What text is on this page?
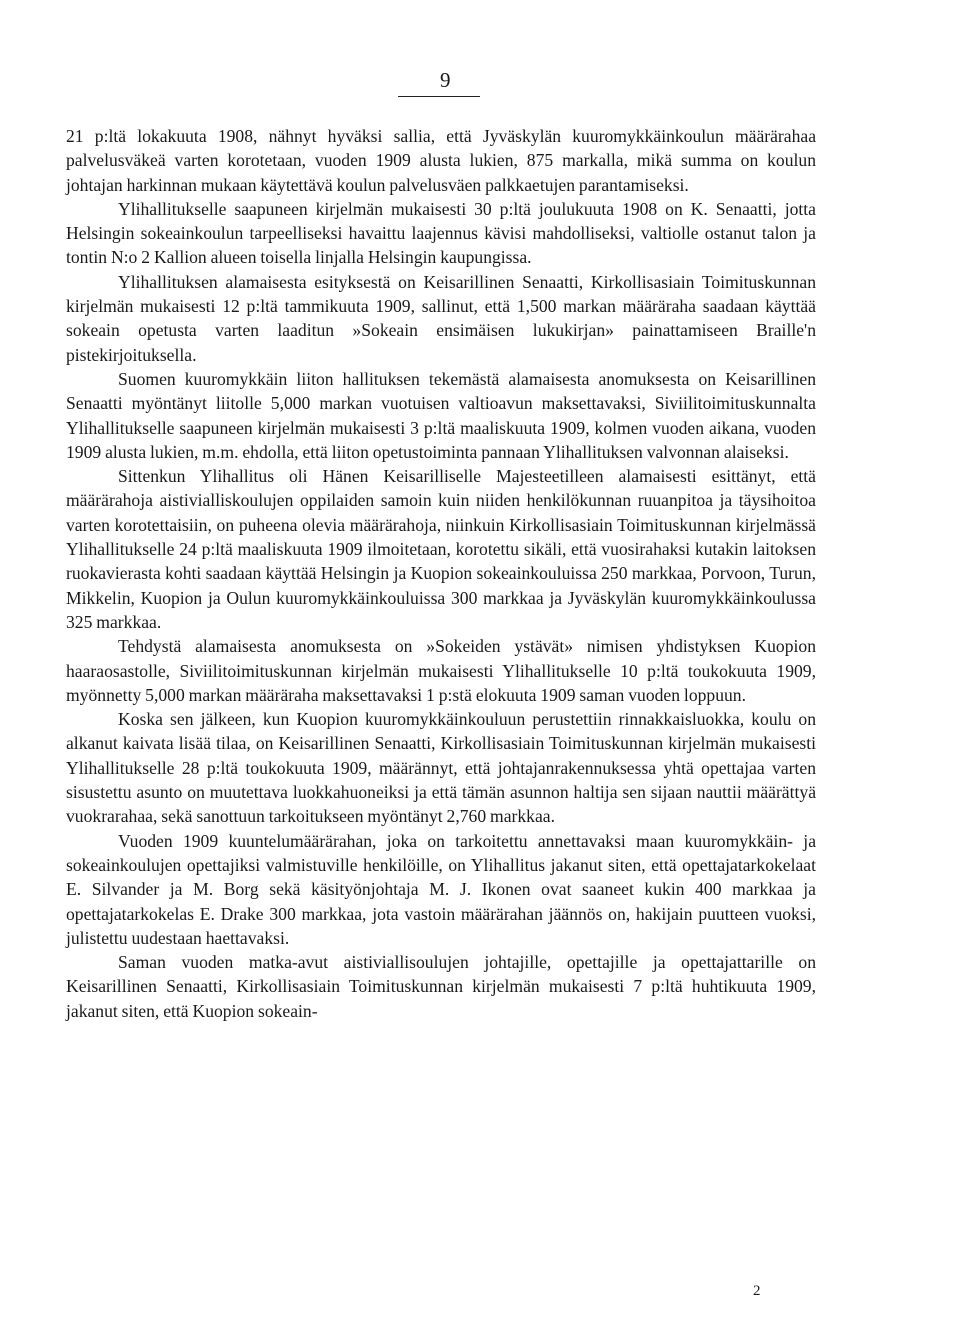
9

21 p:ltä lokakuuta 1908, nähnyt hyväksi sallia, että Jyväskylän kuuromykkäinkoulun määrärahaa palvelusväkeä varten korotetaan, vuoden 1909 alusta lukien, 875 markalla, mikä summa on koulun johtajan harkinnan mukaan käytettävä koulun palvelusväen palkkaetujen parantamiseksi.

Ylihallitukselle saapuneen kirjelmän mukaisesti 30 p:ltä joulukuuta 1908 on K. Senaatti, jotta Helsingin sokeainkoulun tarpeelliseksi havaittu laajennus kävisi mahdolliseksi, valtiolle ostanut talon ja tontin N:o 2 Kallion alueen toisella linjalla Helsingin kaupungissa.

Ylihallituksen alamaisesta esityksestä on Keisarillinen Senaatti, Kirkollisasiain Toimituskunnan kirjelmän mukaisesti 12 p:ltä tammikuuta 1909, sallinut, että 1,500 markan määräraha saadaan käyttää sokeain opetusta varten laaditun »Sokeain ensimäisen lukukirjan» painattamiseen Braille'n pistekirjoituksella.

Suomen kuuromykkäin liiton hallituksen tekemästä alamaisesta anomuksesta on Keisarillinen Senaatti myöntänyt liitolle 5,000 markan vuotuisen valtioavun maksettavaksi, Siviilitoimituskunnalta Ylihallitukselle saapuneen kirjelmän mukaisesti 3 p:ltä maaliskuuta 1909, kolmen vuoden aikana, vuoden 1909 alusta lukien, m.m. ehdolla, että liiton opetustoiminta pannaan Ylihallituksen valvonnan alaiseksi.

Sittenkun Ylihallitus oli Hänen Keisarilliselle Majesteetilleen alamaisesti esittänyt, että määrärahoja aistivialliskoulujen oppilaiden samoin kuin niiden henkilökunnan ruuanpitoa ja täysihoitoa varten korotettaisiin, on puheena olevia määrärahoja, niinkuin Kirkollisasiain Toimituskunnan kirjelmässä Ylihallitukselle 24 p:ltä maaliskuuta 1909 ilmoitetaan, korotettu sikäli, että vuosirahaksi kutakin laitoksen ruokavierasta kohti saadaan käyttää Helsingin ja Kuopion sokeainkouluissa 250 markkaa, Porvoon, Turun, Mikkelin, Kuopion ja Oulun kuuromykkäinkouluissa 300 markkaa ja Jyväskylän kuuromykkäinkoulussa 325 markkaa.

Tehdystä alamaisesta anomuksesta on »Sokeiden ystävät» nimisen yhdistyksen Kuopion haaraosastolle, Siviilitoimituskunnan kirjelmän mukaisesti Ylihallitukselle 10 p:ltä toukokuuta 1909, myönnetty 5,000 markan määräraha maksettavaksi 1 p:stä elokuuta 1909 saman vuoden loppuun.

Koska sen jälkeen, kun Kuopion kuuromykkäinkouluun perustettiin rinnakkaisluokka, koulu on alkanut kaivata lisää tilaa, on Keisarillinen Senaatti, Kirkollisasiain Toimituskunnan kirjelmän mukaisesti Ylihallitukselle 28 p:ltä toukokuuta 1909, määrännyt, että johtajanrakennuksessa yhtä opettajaa varten sisustettu asunto on muutettava luokkahuoneiksi ja että tämän asunnon haltija sen sijaan nauttii määrättyä vuokrarahaa, sekä sanottuun tarkoitukseen myöntänyt 2,760 markkaa.

Vuoden 1909 kuuntelumäärärahan, joka on tarkoitettu annettavaksi maan kuuromykkäin- ja sokeainkoulujen opettajiksi valmistuville henkilöille, on Ylihallitus jakanut siten, että opettajatarkokelaat E. Silvander ja M. Borg sekä käsityönjohtaja M. J. Ikonen ovat saaneet kukin 400 markkaa ja opettajatarkokelas E. Drake 300 markkaa, jota vastoin määrärahan jäännös on, hakijain puutteen vuoksi, julistettu uudestaan haettavaksi.

Saman vuoden matka-avut aistiviallisoulujen johtajille, opettajille ja opettajattarille on Keisarillinen Senaatti, Kirkollisasiain Toimituskunnan kirjelmän mukaisesti 7 p:ltä huhtikuuta 1909, jakanut siten, että Kuopion sokeain-

2
